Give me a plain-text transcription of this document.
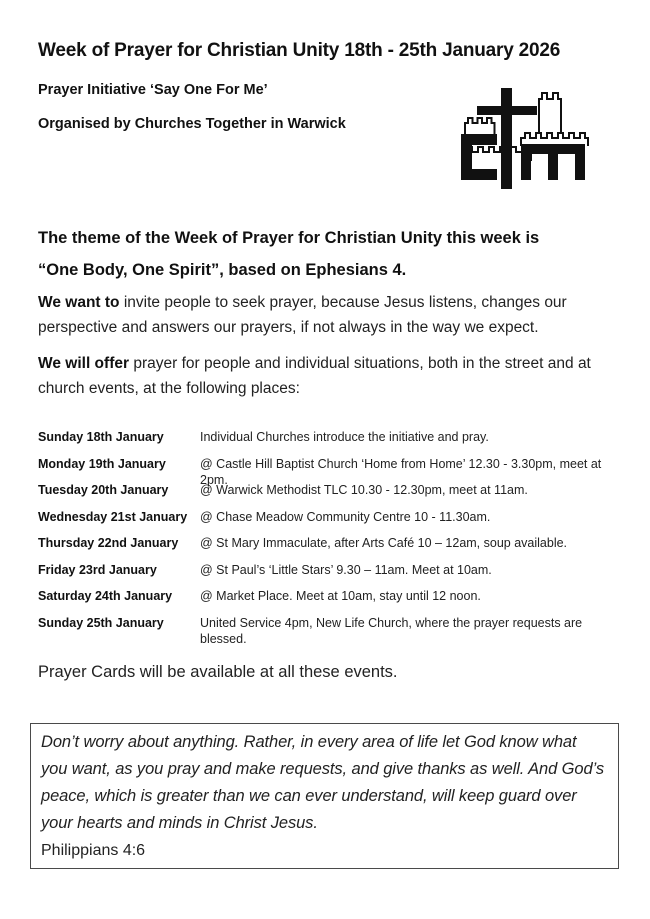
Week of Prayer for Christian Unity 18th - 25th January 2026

Prayer Initiative ‘Say One For Me’

Organised by Churches Together in Warwick

The theme of the Week of Prayer for Christian Unity this week is

“One Body, One Spirit”, based on Ephesians 4.

We want to invite people to seek prayer, because Jesus listens, changes our perspective and answers our prayers, if not always in the way we expect.

We will offer prayer for people and individual situations, both in the street and at church events, at the following places:

Sunday 18th January	Individual Churches introduce the initiative and pray.
Monday 19th January	@ Castle Hill Baptist Church ‘Home from Home’ 12.30 - 3.30pm, meet at 2pm.
Tuesday 20th January	@ Warwick Methodist TLC 10.30 - 12.30pm, meet at 11am.
Wednesday 21st January	@ Chase Meadow Community Centre 10 - 11.30am.
Thursday 22nd January	@ St Mary Immaculate, after Arts Café 10 – 12am, soup available.
Friday 23rd January	@ St Paul’s ‘Little Stars’ 9.30 – 11am. Meet at 10am.
Saturday 24th January	@ Market Place. Meet at 10am, stay until 12 noon.
Sunday 25th January	United Service 4pm, New Life Church, where the prayer requests are blessed.

Prayer Cards will be available at all these events.

Don’t worry about anything. Rather, in every area of life let God know what you want, as you pray and make requests, and give thanks as well. And God’s peace, which is greater than we can ever understand, will keep guard over your hearts and minds in Christ Jesus.

Philippians 4:6
